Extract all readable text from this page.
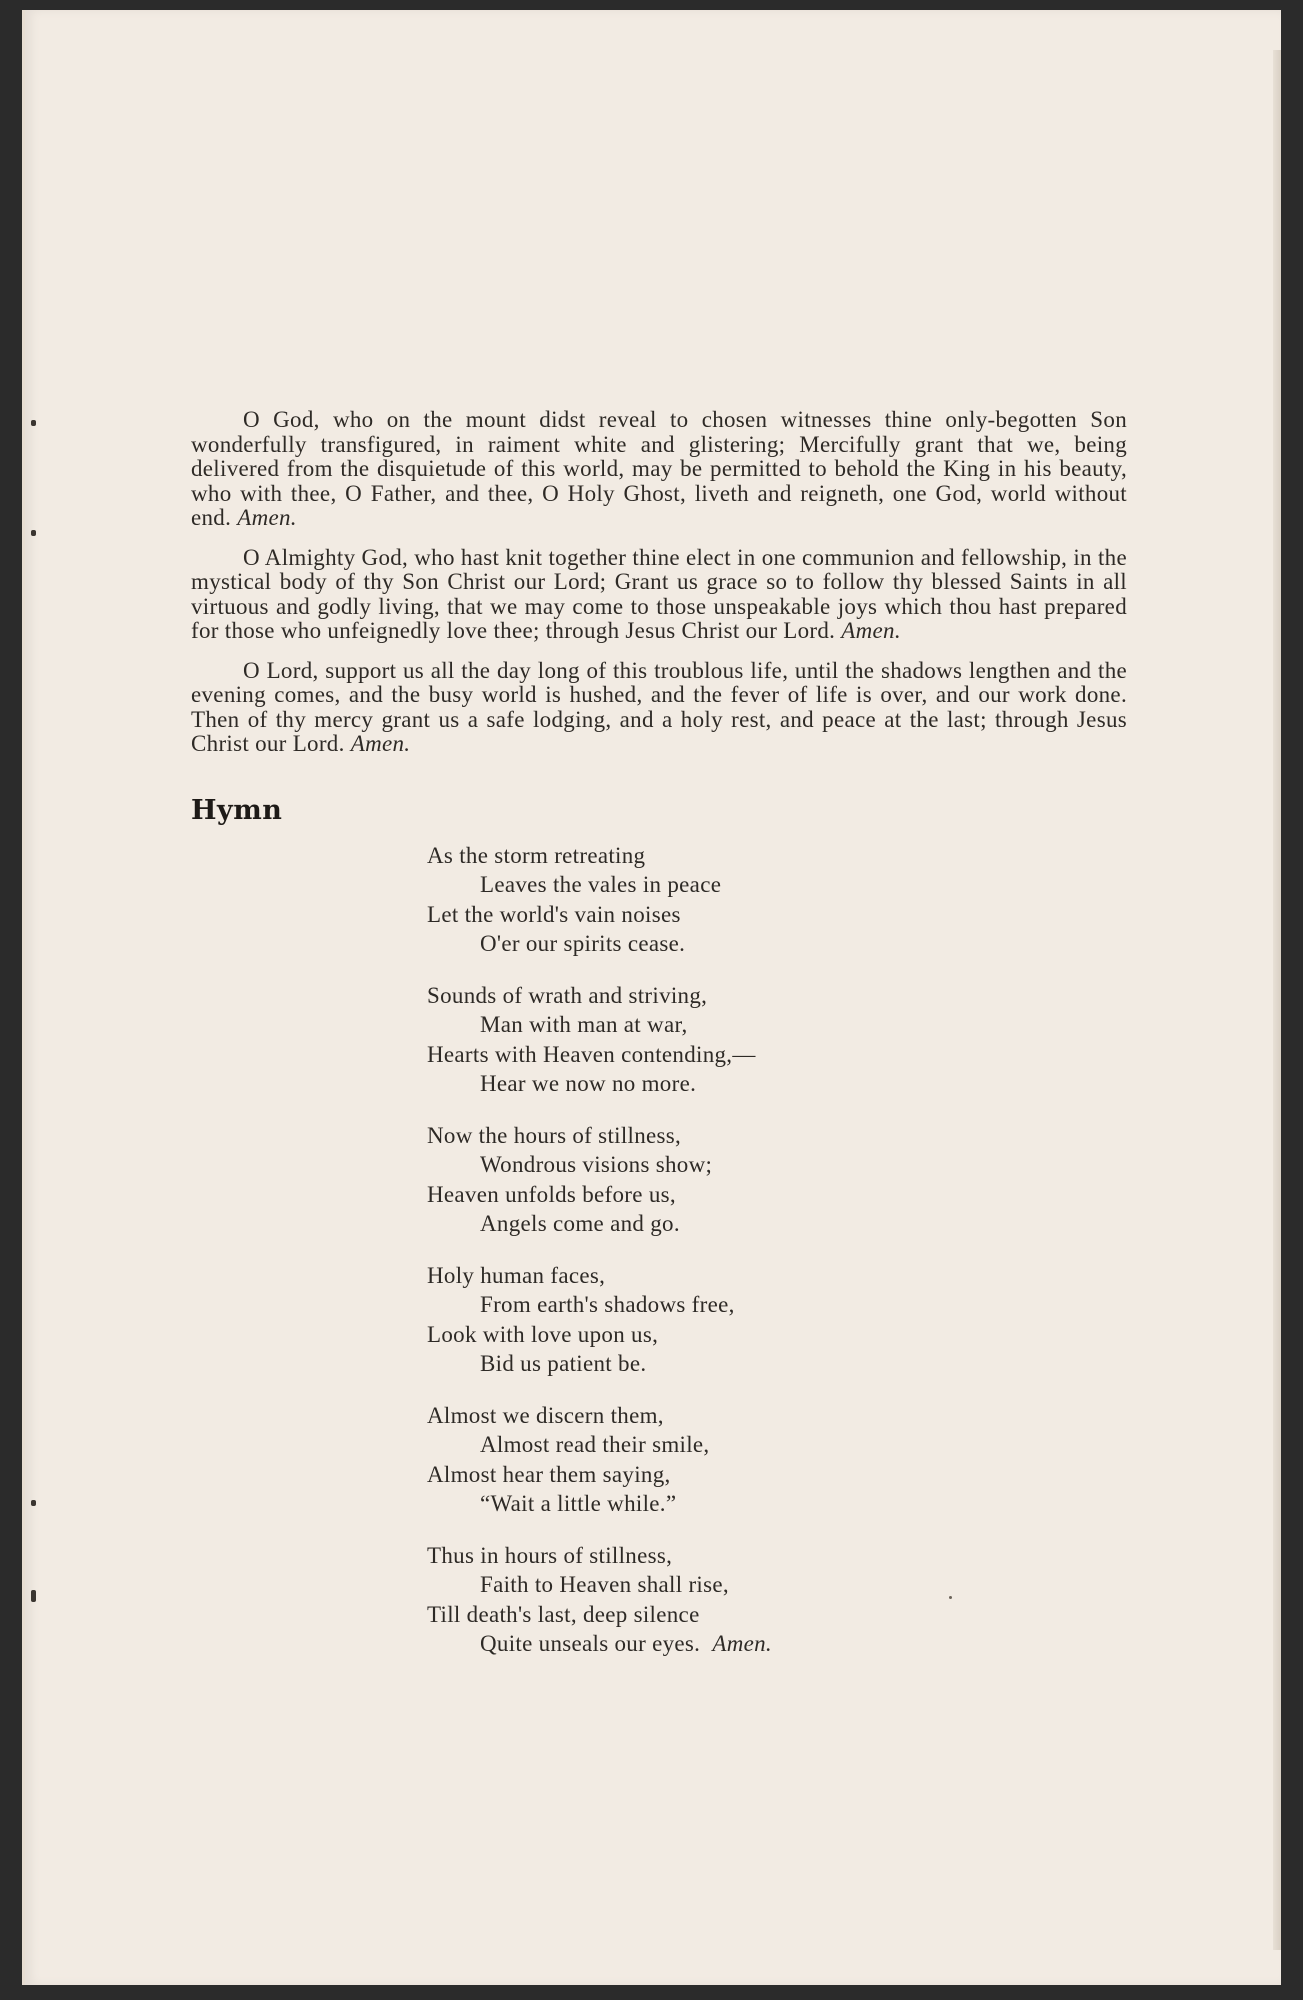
O God, who on the mount didst reveal to chosen witnesses thine only-begotten Son wonderfully transfigured, in raiment white and glistering; Mercifully grant that we, being delivered from the disquietude of this world, may be permitted to behold the King in his beauty, who with thee, O Father, and thee, O Holy Ghost, liveth and reigneth, one God, world without end. Amen.

O Almighty God, who hast knit together thine elect in one communion and fellowship, in the mystical body of thy Son Christ our Lord; Grant us grace so to follow thy blessed Saints in all virtuous and godly living, that we may come to those unspeakable joys which thou hast prepared for those who unfeignedly love thee; through Jesus Christ our Lord. Amen.

O Lord, support us all the day long of this troublous life, until the shadows lengthen and the evening comes, and the busy world is hushed, and the fever of life is over, and our work done. Then of thy mercy grant us a safe lodging, and a holy rest, and peace at the last; through Jesus Christ our Lord. Amen.

Hymn
As the storm retreating
Leaves the vales in peace
Let the world's vain noises
O'er our spirits cease.
Sounds of wrath and striving,
Man with man at war,
Hearts with Heaven contending,—
Hear we now no more.
Now the hours of stillness,
Wondrous visions show;
Heaven unfolds before us,
Angels come and go.
Holy human faces,
From earth's shadows free,
Look with love upon us,
Bid us patient be.
Almost we discern them,
Almost read their smile,
Almost hear them saying,
“Wait a little while.”
Thus in hours of stillness,
Faith to Heaven shall rise,
Till death's last, deep silence
Quite unseals our eyes. Amen.
